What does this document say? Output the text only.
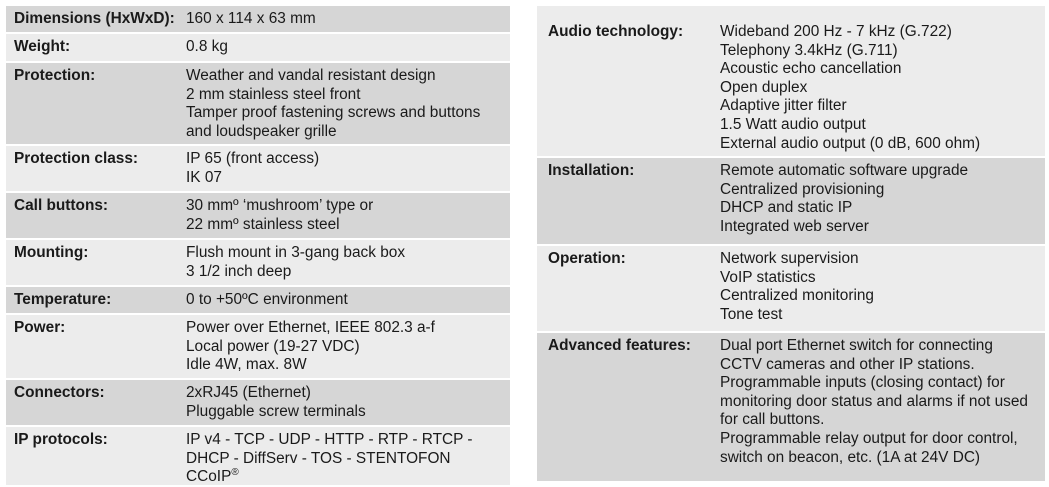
Dimensions (HxWxD): 160 x 114 x 63 mm
Weight:	0.8 kg
Protection:	Weather and vandal resistant design
2 mm stainless steel front
Tamper proof fastening screws and buttons
and loudspeaker grille
Protection class:	IP 65 (front access)
IK 07
Call buttons:	30 mmº ‘mushroom’ type or
22 mmº stainless steel
Mounting:	Flush mount in 3-gang back box
3 1/2 inch deep
Temperature:	0 to +50ºC environment
Power:	Power over Ethernet, IEEE 802.3 a-f
Local power (19-27 VDC)
Idle 4W, max. 8W
Connectors:	2xRJ45 (Ethernet)
Pluggable screw terminals
IP protocols:	IP v4 - TCP - UDP - HTTP - RTP - RTCP -
DHCP - DiffServ - TOS - STENTOFON
CCoIP®
Audio technology: Wideband 200 Hz - 7 kHz (G.722)
Telephony 3.4kHz (G.711)
Acoustic echo cancellation
Open duplex
Adaptive jitter filter
1.5 Watt audio output
External audio output (0 dB, 600 ohm)
Installation:	Remote automatic software upgrade
Centralized provisioning
DHCP and static IP
Integrated web server
Operation:	Network supervision
VoIP statistics
Centralized monitoring
Tone test
Advanced features: Dual port Ethernet switch for connecting
CCTV cameras and other IP stations.
Programmable inputs (closing contact) for
monitoring door status and alarms if not used
for call buttons.
Programmable relay output for door control,
switch on beacon, etc. (1A at 24V DC)
